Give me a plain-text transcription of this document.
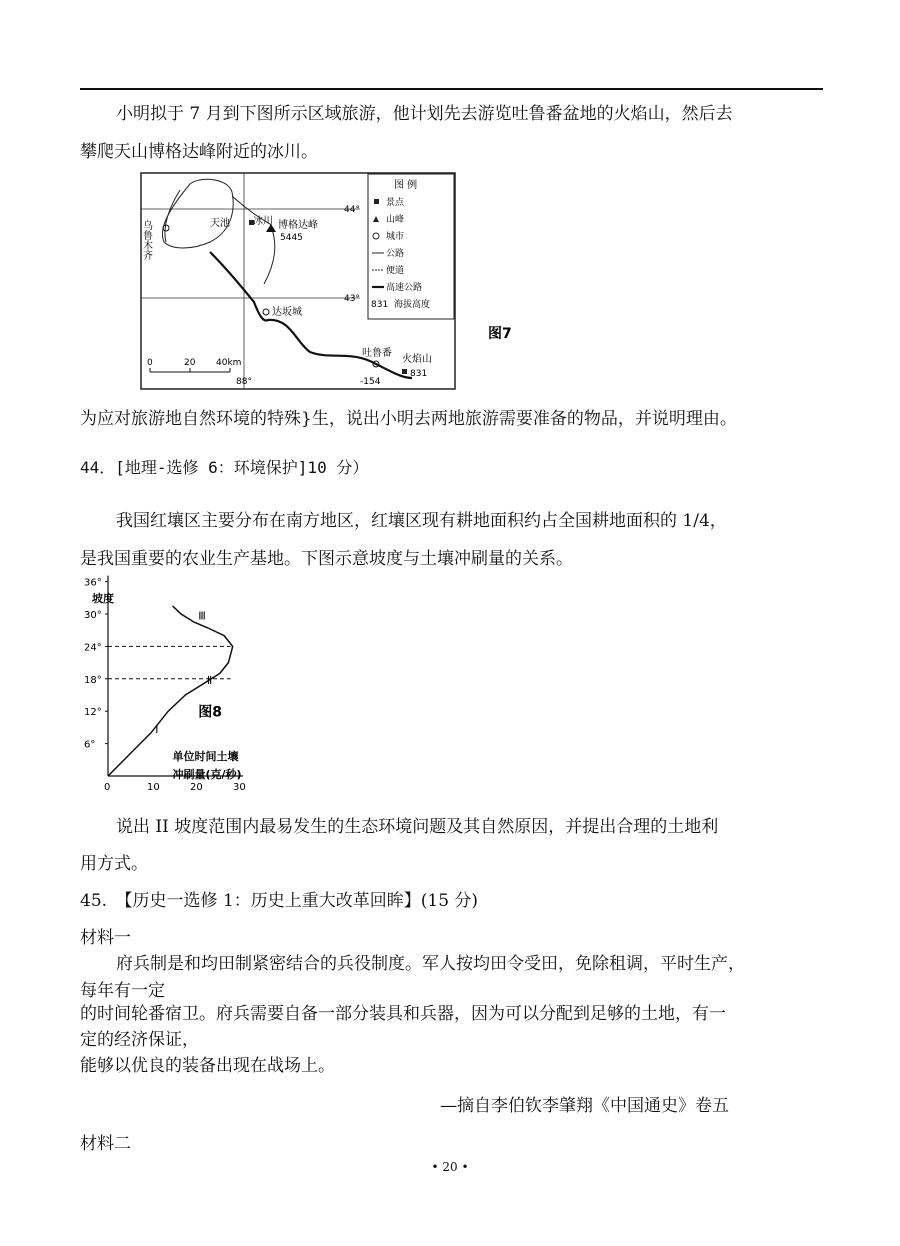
小明拟于 7 月到下图所示区域旅游，他计划先去游览吐鲁番盆地的火焰山，然后去
攀爬天山博格达峰附近的冰川。
乌鲁木齐	天池 冰川 博格达峰
5445
达坂城
吐鲁番
-154
火焰山
831
44°
43°
88°
0	20 40km
图 例
景点
山峰
城市
公路
便道
高速公路
831 海拔高度
图7
为应对旅游地自然环境的特殊}生，说出小明去两地旅游需要准备的物品，并说明理由。
44．[地理-选修 6：环境保护]10 分）
我国红壤区主要分布在南方地区，红壤区现有耕地面积约占全国耕地面积的 1/4，
是我国重要的农业生产基地。下图示意坡度与土壤冲刷量的关系。
6°
12°
18°
24°
30°
36°
0	10	20	30
Ⅰ
Ⅱ
Ⅲ
坡度
单位时间土壤
冲刷量(克/秒)
图8
说出 II 坡度范围内最易发生的生态环境问题及其自然原因，并提出合理的土地利
用方式。
45.　【历史一选修 1：历史上重大改革回眸】(15 分)
材料一
府兵制是和均田制紧密结合的兵役制度。军人按均田令受田，免除租调，平时生产，
每年有一定
的时间轮番宿卫。府兵需要自备一部分装具和兵器，因为可以分配到足够的土地，有一
定的经济保证，
能够以优良的装备出现在战场上。
—摘自李伯钦李肇翔《中国通史》卷五
材料二
• 20 •
